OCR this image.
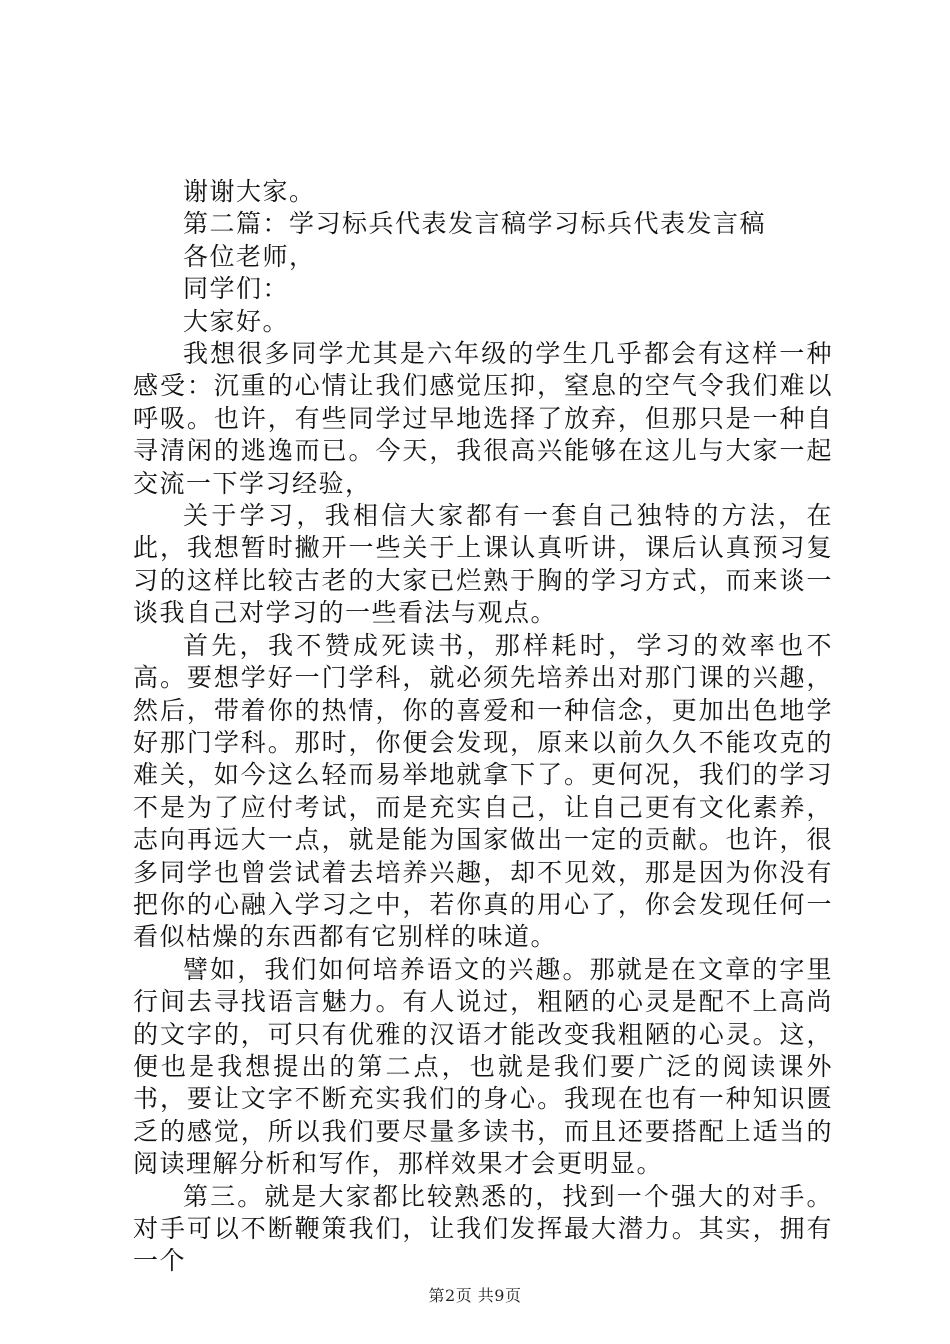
谢谢大家。

第二篇：学习标兵代表发言稿学习标兵代表发言稿

各位老师，

同学们：

大家好。

我想很多同学尤其是六年级的学生几乎都会有这样一种感受：沉重的心情让我们感觉压抑，窒息的空气令我们难以呼吸。也许，有些同学过早地选择了放弃，但那只是一种自寻清闲的逃逸而已。今天，我很高兴能够在这儿与大家一起交流一下学习经验，

关于学习，我相信大家都有一套自己独特的方法，在此，我想暂时撇开一些关于上课认真听讲，课后认真预习复习的这样比较古老的大家已烂熟于胸的学习方式，而来谈一谈我自己对学习的一些看法与观点。

首先，我不赞成死读书，那样耗时，学习的效率也不高。要想学好一门学科，就必须先培养出对那门课的兴趣，然后，带着你的热情，你的喜爱和一种信念，更加出色地学好那门学科。那时，你便会发现，原来以前久久不能攻克的难关，如今这么轻而易举地就拿下了。更何况，我们的学习不是为了应付考试，而是充实自己，让自己更有文化素养，志向再远大一点，就是能为国家做出一定的贡献。也许，很多同学也曾尝试着去培养兴趣，却不见效，那是因为你没有把你的心融入学习之中，若你真的用心了，你会发现任何一看似枯燥的东西都有它别样的味道。

譬如，我们如何培养语文的兴趣。那就是在文章的字里行间去寻找语言魅力。有人说过，粗陋的心灵是配不上高尚的文字的，可只有优雅的汉语才能改变我粗陋的心灵。这，便也是我想提出的第二点，也就是我们要广泛的阅读课外书，要让文字不断充实我们的身心。我现在也有一种知识匮乏的感觉，所以我们要尽量多读书，而且还要搭配上适当的阅读理解分析和写作，那样效果才会更明显。

第三。就是大家都比较熟悉的，找到一个强大的对手。对手可以不断鞭策我们，让我们发挥最大潜力。其实，拥有一个

第2页 共9页
